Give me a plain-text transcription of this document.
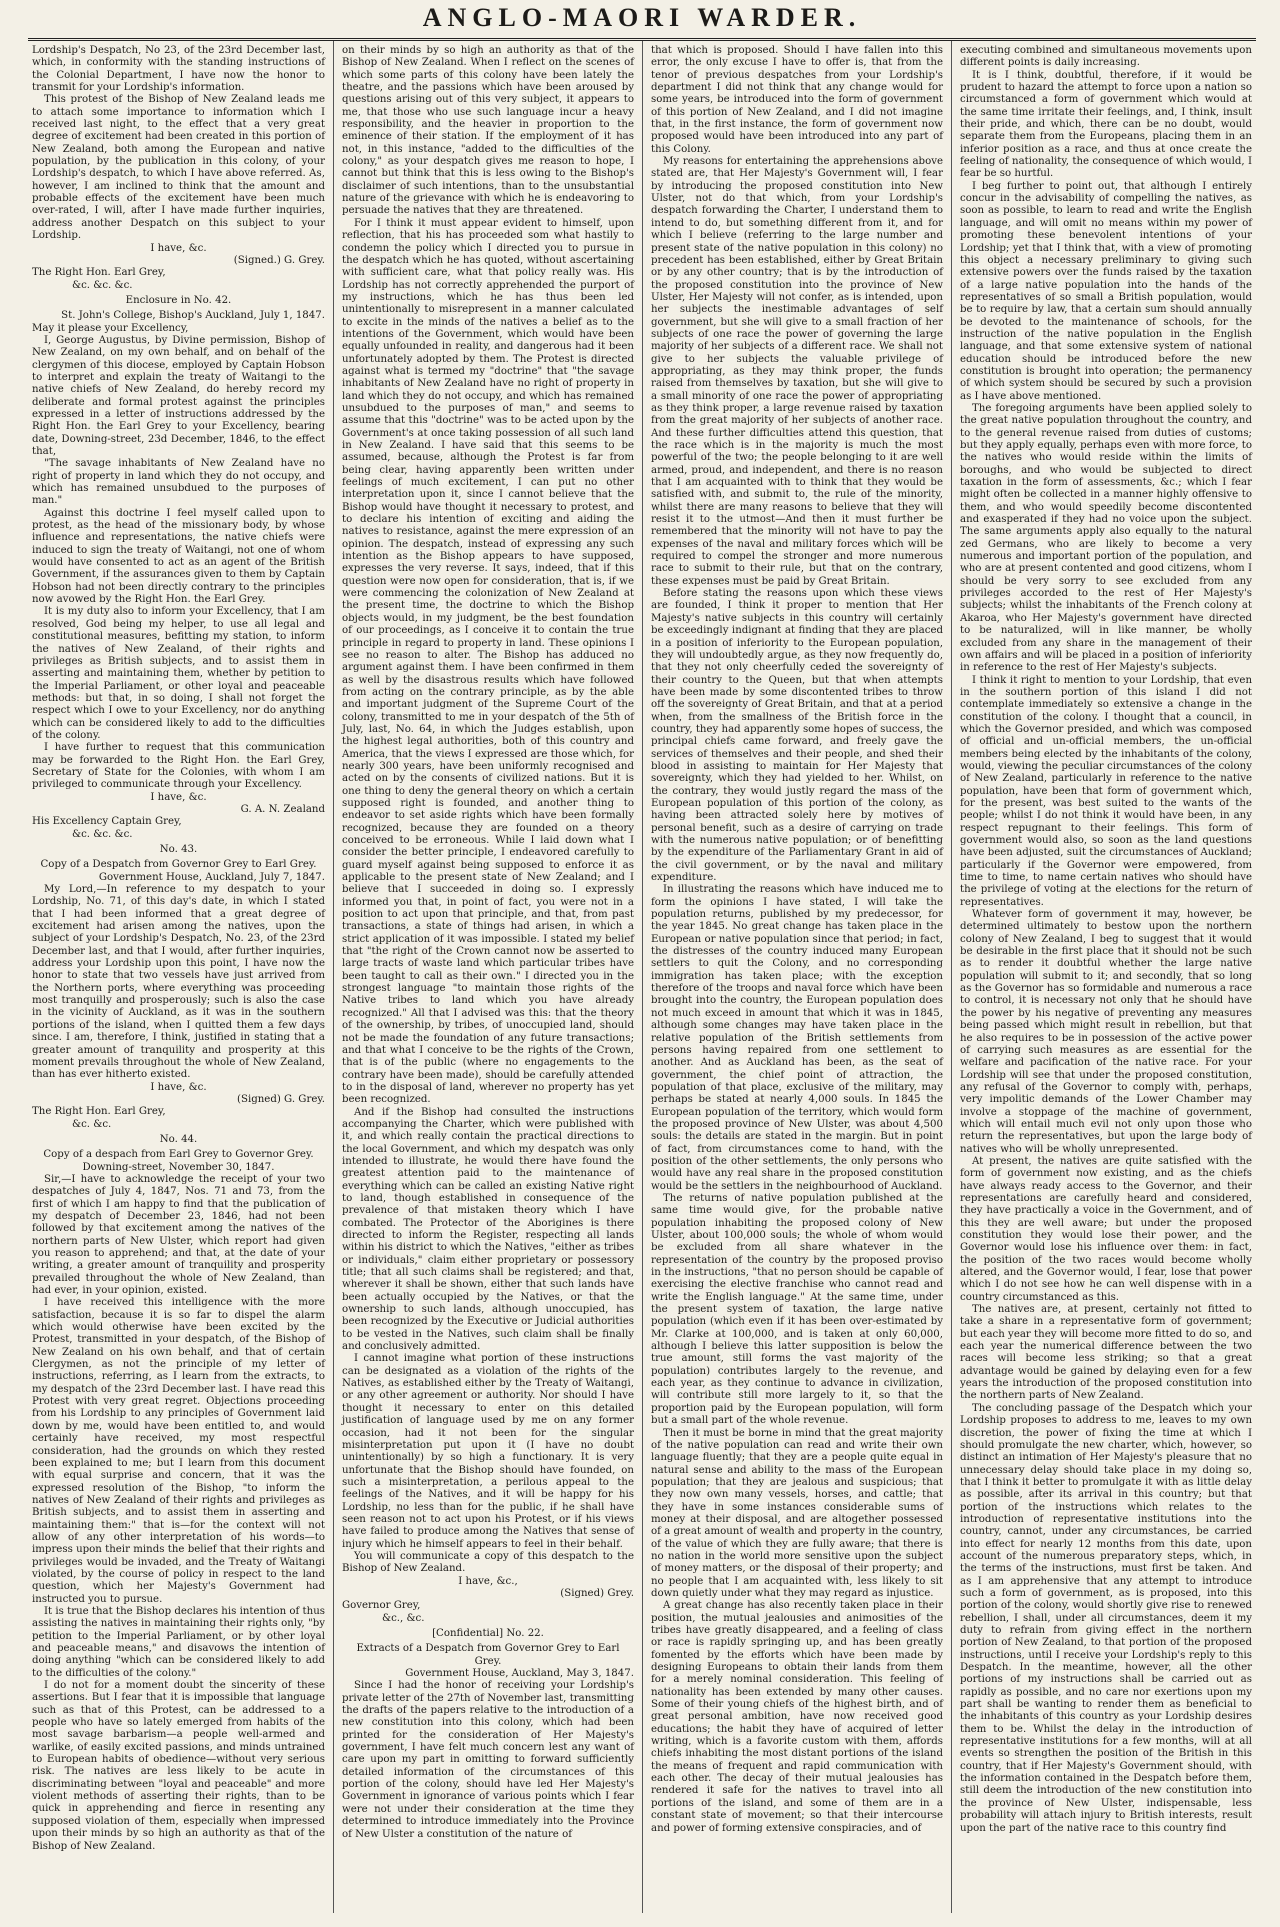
ANGLO-MAORI WARDER.

Lordship's Despatch, No 23, of the 23rd December last, which, in conformity with the standing instructions of the Colonial Department, I have now the honor to transmit for your Lordship's information.

This protest of the Bishop of New Zealand leads me to attach some importance to information which I received last night, to the effect that a very great degree of excitement had been created in this portion of New Zealand, both among the European and native population, by the publication in this colony, of your Lordship's despatch, to which I have above referred. As, however, I am inclined to think that the amount and probable effects of the excitement have been much over-rated, I will, after I have made further inquiries, address another Despatch on this subject to your Lordship.

I have, &c.

(Signed.) G. Grey.

The Right Hon. Earl Grey,

&c. &c. &c.

Enclosure in No. 42.

St. John's College, Bishop's Auckland, July 1, 1847.

May it please your Excellency,

I, George Augustus, by Divine permission, Bishop of New Zealand, on my own behalf, and on behalf of the clergymen of this diocese, employed by Captain Hobson to interpret and explain the treaty of Waitangi to the native chiefs of New Zealand, do hereby record my deliberate and formal protest against the principles expressed in a letter of instructions addressed by the Right Hon. the Earl Grey to your Excellency, bearing date, Downing-street, 23d December, 1846, to the effect that,

"The savage inhabitants of New Zealand have no right of property in land which they do not occupy, and which has remained unsubdued to the purposes of man."

Against this doctrine I feel myself called upon to protest, as the head of the missionary body, by whose influence and representations, the native chiefs were induced to sign the treaty of Waitangi, not one of whom would have consented to act as an agent of the British Government, if the assurances given to them by Captain Hobson had not been directly contrary to the principles now avowed by the Right Hon. the Earl Grey.

It is my duty also to inform your Excellency, that I am resolved, God being my helper, to use all legal and constitutional measures, befitting my station, to inform the natives of New Zealand, of their rights and privileges as British subjects, and to assist them in asserting and maintaining them, whether by petition to the Imperial Parliament, or other loyal and peaceable methods: but that, in so doing, I shall not forget the respect which I owe to your Excellency, nor do anything which can be considered likely to add to the difficulties of the colony.

I have further to request that this communication may be forwarded to the Right Hon. the Earl Grey, Secretary of State for the Colonies, with whom I am privileged to communicate through your Excellency.

I have, &c.

G. A. N. Zealand

His Excellency Captain Grey,

&c. &c. &c.

No. 43.

Copy of a Despatch from Governor Grey to Earl Grey.

Government House, Auckland, July 7, 1847.

My Lord,—In reference to my despatch to your Lordship, No. 71, of this day's date, in which I stated that I had been informed that a great degree of excitement had arisen among the natives, upon the subject of your Lordship's Despatch, No. 23, of the 23rd December last, and that I would, after further inquiries, address your Lordship upon this point, I have now the honor to state that two vessels have just arrived from the Northern ports, where everything was proceeding most tranquilly and prosperously; such is also the case in the vicinity of Auckland, as it was in the southern portions of the island, when I quitted them a few days since. I am, therefore, I think, justified in stating that a greater amount of tranquility and prosperity at this moment prevails throughout the whole of New Zealand, than has ever hitherto existed.

I have, &c.

(Signed) G. Grey.

The Right Hon. Earl Grey,

&c. &c.

No. 44.

Copy of a despach from Earl Grey to Governor Grey. Downing-street, November 30, 1847.

Sir,—I have to acknowledge the receipt of your two despatches of July 4, 1847, Nos. 71 and 73, from the first of which I am happy to find that the publication of my despatch of December 23, 1846, had not been followed by that excitement among the natives of the northern parts of New Ulster, which report had given you reason to apprehend; and that, at the date of your writing, a greater amount of tranquility and prosperity prevailed throughout the whole of New Zealand, than had ever, in your opinion, existed.

I have received this intelligence with the more satisfaction, because it is so far to dispel the alarm which would otherwise have been excited by the Protest, transmitted in your despatch, of the Bishop of New Zealand on his own behalf, and that of certain Clergymen, as not the principle of my letter of instructions, referring, as I learn from the extracts, to my despatch of the 23rd December last. I have read this Protest with very great regret. Objections proceeding from his Lordship to any principles of Government laid down by me, would have been entitled to, and would certainly have received, my most respectful consideration, had the grounds on which they rested been explained to me; but I learn from this document with equal surprise and concern, that it was the expressed resolution of the Bishop, "to inform the natives of New Zealand of their rights and privileges as British subjects, and to assist them in asserting and maintaining them:" that is—for the context will not allow of any other interpretation of his words—to impress upon their minds the belief that their rights and privileges would be invaded, and the Treaty of Waitangi violated, by the course of policy in respect to the land question, which her Majesty's Government had instructed you to pursue.

It is true that the Bishop declares his intention of thus assisting the natives in maintaining their rights only, "by petition to the Imperial Parliament, or by other loyal and peaceable means," and disavows the intention of doing anything "which can be considered likely to add to the difficulties of the colony."

I do not for a moment doubt the sincerity of these assertions. But I fear that it is impossible that language such as that of this Protest, can be addressed to a people who have so lately emerged from habits of the most savage barbarism—a people well-armed and warlike, of easily excited passions, and minds untrained to European habits of obedience—without very serious risk. The natives are less likely to be acute in discriminating between "loyal and peaceable" and more violent methods of asserting their rights, than to be quick in apprehending and fierce in resenting any supposed violation of them, especially when impressed upon their minds by so high an authority as that of the Bishop of New Zealand.

on their minds by so high an authority as that of the Bishop of New Zealand. When I reflect on the scenes of which some parts of this colony have been lately the theatre, and the passions which have been aroused by questions arising out of this very subject, it appears to me, that those who use such language incur a heavy responsibility, and the heavier in proportion to the eminence of their station. If the employment of it has not, in this instance, "added to the difficulties of the colony," as your despatch gives me reason to hope, I cannot but think that this is less owing to the Bishop's disclaimer of such intentions, than to the unsubstantial nature of the grievance with which he is endeavoring to persuade the natives that they are threatened.

For I think it must appear evident to himself, upon reflection, that his has proceeded som what hastily to condemn the policy which I directed you to pursue in the despatch which he has quoted, without ascertaining with sufficient care, what that policy really was. His Lordship has not correctly apprehended the purport of my instructions, which he has thus been led unintentionally to misrepresent in a manner calculated to excite in the minds of the natives a belief as to the intentions of the Government, which would have been equally unfounded in reality, and dangerous had it been unfortunately adopted by them. The Protest is directed against what is termed my "doctrine" that "the savage inhabitants of New Zealand have no right of property in land which they do not occupy, and which has remained unsubdued to the purposes of man," and seems to assume that this "doctrine" was to be acted upon by the Government's at once taking possession of all such land in New Zealand. I have said that this seems to be assumed, because, although the Protest is far from being clear, having apparently been written under feelings of much excitement, I can put no other interpretation upon it, since I cannot believe that the Bishop would have thought it necessary to protest, and to declare his intention of exciting and aiding the natives to resistance, against the mere expression of an opinion. The despatch, instead of expressing any such intention as the Bishop appears to have supposed, expresses the very reverse. It says, indeed, that if this question were now open for consideration, that is, if we were commencing the colonization of New Zealand at the present time, the doctrine to which the Bishop objects would, in my judgment, be the best foundation of our proceedings, as I conceive it to contain the true principle in regard to property in land. These opinions I see no reason to alter. The Bishop has adduced no argument against them. I have been confirmed in them as well by the disastrous results which have followed from acting on the contrary principle, as by the able and important judgment of the Supreme Court of the colony, transmitted to me in your despatch of the 5th of July, last, No. 64, in which the Judges establish, upon the highest legal authorities, both of this country and America, that the views I expressed are those which, for nearly 300 years, have been uniformly recognised and acted on by the consents of civilized nations. But it is one thing to deny the general theory on which a certain supposed right is founded, and another thing to endeavor to set aside rights which have been formally recognized, because they are founded on a theory conceived to be erroneous. While I laid down what I consider the better principle, I endeavored carefully to guard myself against being supposed to enforce it as applicable to the present state of New Zealand; and I believe that I succeeded in doing so. I expressly informed you that, in point of fact, you were not in a position to act upon that principle, and that, from past transactions, a state of things had arisen, in which a strict application of it was impossible. I stated my belief that "the right of the Crown cannot now be asserted to large tracts of waste land which particular tribes have been taught to call as their own." I directed you in the strongest language "to maintain those rights of the Native tribes to land which you have already recognized." All that I advised was this: that the theory of the ownership, by tribes, of unoccupied land, should not be made the foundation of any future transactions; and that what I conceive to be the rights of the Crown, that is of the public (where no engagements to the contrary have been made), should be carefully attended to in the disposal of land, wherever no property has yet been recognized.

And if the Bishop had consulted the instructions accompanying the Charter, which were published with it, and which really contain the practical directions to the local Government, and which my despatch was only intended to illustrate, he would there have found the greatest attention paid to the maintenance of everything which can be called an existing Native right to land, though established in consequence of the prevalence of that mistaken theory which I have combated. The Protector of the Aborigines is there directed to inform the Register, respecting all lands within his district to which the Natives, "either as tribes or individuals," claim either proprietary or possessory title; that all such claims shall be registered; and that, wherever it shall be shown, either that such lands have been actually occupied by the Natives, or that the ownership to such lands, although unoccupied, has been recognized by the Executive or Judicial authorities to be vested in the Natives, such claim shall be finally and conclusively admitted.

I cannot imagine what portion of these instructions can be designated as a violation of the rights of the Natives, as established either by the Treaty of Waitangi, or any other agreement or authority. Nor should I have thought it necessary to enter on this detailed justification of language used by me on any former occasion, had it not been for the singular misinterpretation put upon it (I have no doubt unintentionally) by so high a functionary. It is very unfortunate that the Bishop should have founded, on such a misinterpretation, a perilous appeal to the feelings of the Natives, and it will be happy for his Lordship, no less than for the public, if he shall have seen reason not to act upon his Protest, or if his views have failed to produce among the Natives that sense of injury which he himself appears to feel in their behalf.

You will communicate a copy of this despatch to the Bishop of New Zealand.

I have, &c.,

(Signed) Grey.

Governor Grey,

&c., &c.

[Confidential] No. 22.

Extracts of a Despatch from Governor Grey to Earl Grey.

Government House, Auckland, May 3, 1847.

Since I had the honor of receiving your Lordship's private letter of the 27th of November last, transmitting the drafts of the papers relative to the introduction of a new constitution into this colony, which had been printed for the consideration of Her Majesty's government, I have felt much concern lest any want of care upon my part in omitting to forward sufficiently detailed information of the circumstances of this portion of the colony, should have led Her Majesty's Government in ignorance of various points which I fear were not under their consideration at the time they determined to introduce immediately into the Province of New Ulster a constitution of the nature of

that which is proposed. Should I have fallen into this error, the only excuse I have to offer is, that from the tenor of previous despatches from your Lordship's department I did not think that any change would for some years, be introduced into the form of government of this portion of New Zealand, and I did not imagine that, in the first instance, the form of government now proposed would have been introduced into any part of this Colony.

My reasons for entertaining the apprehensions above stated are, that Her Majesty's Government will, I fear by introducing the proposed constitution into New Ulster, not do that which, from your Lordship's despatch forwarding the Charter, I understand them to intend to do, but something different from it, and for which I believe (referring to the large number and present state of the native population in this colony) no precedent has been established, either by Great Britain or by any other country; that is by the introduction of the proposed constitution into the province of New Ulster, Her Majesty will not confer, as is intended, upon her subjects the inestimable advantages of self government, but she will give to a small fraction of her subjects of one race the power of governing the large majority of her subjects of a different race. We shall not give to her subjects the valuable privilege of appropriating, as they may think proper, the funds raised from themselves by taxation, but she will give to a small minority of one race the power of appropriating as they think proper, a large revenue raised by taxation from the great majority of her subjects of another race. And these further difficulties attend this question, that the race which is in the majority is much the most powerful of the two; the people belonging to it are well armed, proud, and independent, and there is no reason that I am acquainted with to think that they would be satisfied with, and submit to, the rule of the minority, whilst there are many reasons to believe that they will resist it to the utmost—And then it must further be remembered that the minority will not have to pay the expenses of the naval and military forces which will be required to compel the stronger and more numerous race to submit to their rule, but that on the contrary, these expenses must be paid by Great Britain.

Before stating the reasons upon which these views are founded, I think it proper to mention that Her Majesty's native subjects in this country will certainly be exceedingly indignant at finding that they are placed in a position of inferiority to the European population, they will undoubtedly argue, as they now frequently do, that they not only cheerfully ceded the sovereignty of their country to the Queen, but that when attempts have been made by some discontented tribes to throw off the sovereignty of Great Britain, and that at a period when, from the smallness of the British force in the country, they had apparently some hopes of success, the principal chiefs came forward, and freely gave the services of themselves and their people, and shed their blood in assisting to maintain for Her Majesty that sovereignty, which they had yielded to her. Whilst, on the contrary, they would justly regard the mass of the European population of this portion of the colony, as having been attracted solely here by motives of personal benefit, such as a desire of carrying on trade with the numerous native population; or of benefitting by the expenditure of the Parliamentary Grant in aid of the civil government, or by the naval and military expenditure.

In illustrating the reasons which have induced me to form the opinions I have stated, I will take the population returns, published by my predecessor, for the year 1845. No great change has taken place in the European or native population since that period; in fact, the distresses of the country induced many European settlers to quit the Colony, and no corresponding immigration has taken place; with the exception therefore of the troops and naval force which have been brought into the country, the European population does not much exceed in amount that which it was in 1845, although some changes may have taken place in the relative population of the British settlements from persons having repaired from one settlement to another. And as Auckland has been, as the seat of government, the chief point of attraction, the population of that place, exclusive of the military, may perhaps be stated at nearly 4,000 souls. In 1845 the European population of the territory, which would form the proposed province of New Ulster, was about 4,500 souls: the details are stated in the margin. But in point of fact, from circumstances come to hand, with the position of the other settlements, the only persons who would have any real share in the proposed constitution would be the settlers in the neighbourhood of Auckland.

The returns of native population published at the same time would give, for the probable native population inhabiting the proposed colony of New Ulster, about 100,000 souls; the whole of whom would be excluded from all share whatever in the representation of the country by the proposed proviso in the instructions, "that no person should be capable of exercising the elective franchise who cannot read and write the English language." At the same time, under the present system of taxation, the large native population (which even if it has been over-estimated by Mr. Clarke at 100,000, and is taken at only 60,000, although I believe this latter supposition is below the true amount, still forms the vast majority of the population) contributes largely to the revenue, and each year, as they continue to advance in civilization, will contribute still more largely to it, so that the proportion paid by the European population, will form but a small part of the whole revenue.

Then it must be borne in mind that the great majority of the native population can read and write their own language fluently; that they are a people quite equal in natural sense and ability to the mass of the European population; that they are jealous and suspicious; that they now own many vessels, horses, and cattle; that they have in some instances considerable sums of money at their disposal, and are altogether possessed of a great amount of wealth and property in the country, of the value of which they are fully aware; that there is no nation in the world more sensitive upon the subject of money matters, or the disposal of their property; and no people that I am acquainted with, less likely to sit down quietly under what they may regard as injustice.

A great change has also recently taken place in their position, the mutual jealousies and animosities of the tribes have greatly disappeared, and a feeling of class or race is rapidly springing up, and has been greatly fomented by the efforts which have been made by designing Europeans to obtain their lands from them for a merely nominal consideration. This feeling of nationality has been extended by many other causes. Some of their young chiefs of the highest birth, and of great personal ambition, have now received good educations; the habit they have of acquired of letter writing, which is a favorite custom with them, affords chiefs inhabiting the most distant portions of the island the means of frequent and rapid communication with each other. The decay of their mutual jealousies has rendered it safe for the natives to travel into all portions of the island, and some of them are in a constant state of movement; so that their intercourse and power of forming extensive conspiracies, and of

executing combined and simultaneous movements upon different points is daily increasing.

It is I think, doubtful, therefore, if it would be prudent to hazard the attempt to force upon a nation so circumstanced a form of government which would at the same time irritate their feelings, and, I think, insult their pride, and which, there can be no doubt, would separate them from the Europeans, placing them in an inferior position as a race, and thus at once create the feeling of nationality, the consequence of which would, I fear be so hurtful.

I beg further to point out, that although I entirely concur in the advisability of compelling the natives, as soon as possible, to learn to read and write the English language, and will omit no means within my power of promoting these benevolent intentions of your Lordship; yet that I think that, with a view of promoting this object a necessary preliminary to giving such extensive powers over the funds raised by the taxation of a large native population into the hands of the representatives of so small a British population, would be to require by law, that a certain sum should annually be devoted to the maintenance of schools, for the instruction of the native population in the English language, and that some extensive system of national education should be introduced before the new constitution is brought into operation; the permanency of which system should be secured by such a provision as I have above mentioned.

The foregoing arguments have been applied solely to the great native population throughout the country, and to the general revenue raised from duties of customs; but they apply equally, perhaps even with more force, to the natives who would reside within the limits of boroughs, and who would be subjected to direct taxation in the form of assessments, &c.; which I fear might often be collected in a manner highly offensive to them, and who would speedily become discontented and exasperated if they had no voice upon the subject. The same arguments apply also equally to the natural zed Germans, who are likely to become a very numerous and important portion of the population, and who are at present contented and good citizens, whom I should be very sorry to see excluded from any privileges accorded to the rest of Her Majesty's subjects; whilst the inhabitants of the French colony at Akaroa, who Her Majesty's government have directed to be naturalized, will in like manner, be wholly excluded from any share in the management of their own affairs and will be placed in a position of inferiority in reference to the rest of Her Majesty's subjects.

I think it right to mention to your Lordship, that even in the southern portion of this island I did not contemplate immediately so extensive a change in the constitution of the colony. I thought that a council, in which the Governor presided, and which was composed of official and un-official members, the un-official members being elected by the inhabitants of the colony, would, viewing the peculiar circumstances of the colony of New Zealand, particularly in reference to the native population, have been that form of government which, for the present, was best suited to the wants of the people; whilst I do not think it would have been, in any respect repugnant to their feelings. This form of government would also, so soon as the land questions have been adjusted, suit the circumstances of Auckland; particularly if the Governor were empowered, from time to time, to name certain natives who should have the privilege of voting at the elections for the return of representatives.

Whatever form of government it may, however, be determined ultimately to bestow upon the northern colony of New Zealand, I beg to suggest that it would be desirable in the first place that it should not be such as to render it doubtful whether the large native population will submit to it; and secondly, that so long as the Governor has so formidable and numerous a race to control, it is necessary not only that he should have the power by his negative of preventing any measures being passed which might result in rebellion, but that he also requires to be in possession of the active power of carrying such measures as are essential for the welfare and pacification of the native race. For your Lordship will see that under the proposed constitution, any refusal of the Governor to comply with, perhaps, very impolitic demands of the Lower Chamber may involve a stoppage of the machine of government, which will entail much evil not only upon those who return the representatives, but upon the large body of natives who will be wholly unrepresented.

At present, the natives are quite satisfied with the form of government now existing, and as the chiefs have always ready access to the Governor, and their representations are carefully heard and considered, they have practically a voice in the Government, and of this they are well aware; but under the proposed constitution they would lose their power, and the Governor would lose his influence over them: in fact, the position of the two races would become wholly altered, and the Governor would, I fear, lose that power which I do not see how he can well dispense with in a country circumstanced as this.

The natives are, at present, certainly not fitted to take a share in a representative form of government; but each year they will become more fitted to do so, and each year the numerical difference between the two races will become less striking; so that a great advantage would be gained by delaying even for a few years the introduction of the proposed constitution into the northern parts of New Zealand.

The concluding passage of the Despatch which your Lordship proposes to address to me, leaves to my own discretion, the power of fixing the time at which I should promulgate the new charter, which, however, so distinct an intimation of Her Majesty's pleasure that no unnecessary delay should take place in my doing so, that I think it better to promulgate it with as little delay as possible, after its arrival in this country; but that portion of the instructions which relates to the introduction of representative institutions into the country, cannot, under any circumstances, be carried into effect for nearly 12 months from this date, upon account of the numerous preparatory steps, which, in the terms of the instructions, must first be taken. And as I am apprehensive that any attempt to introduce such a form of government, as is proposed, into this portion of the colony, would shortly give rise to renewed rebellion, I shall, under all circumstances, deem it my duty to refrain from giving effect in the northern portion of New Zealand, to that portion of the proposed instructions, until I receive your Lordship's reply to this Despatch. In the meantime, however, all the other portions of my instructions shall be carried out as rapidly as possible, and no care nor exertions upon my part shall be wanting to render them as beneficial to the inhabitants of this country as your Lordship desires them to be. Whilst the delay in the introduction of representative institutions for a few months, will at all events so strengthen the position of the British in this country, that if Her Majesty's Government should, with the information contained in the Despatch before them, still deem the introduction of the new constitution into the province of New Ulster, indispensable, less probability will attach injury to British interests, result upon the part of the native race to this country find
